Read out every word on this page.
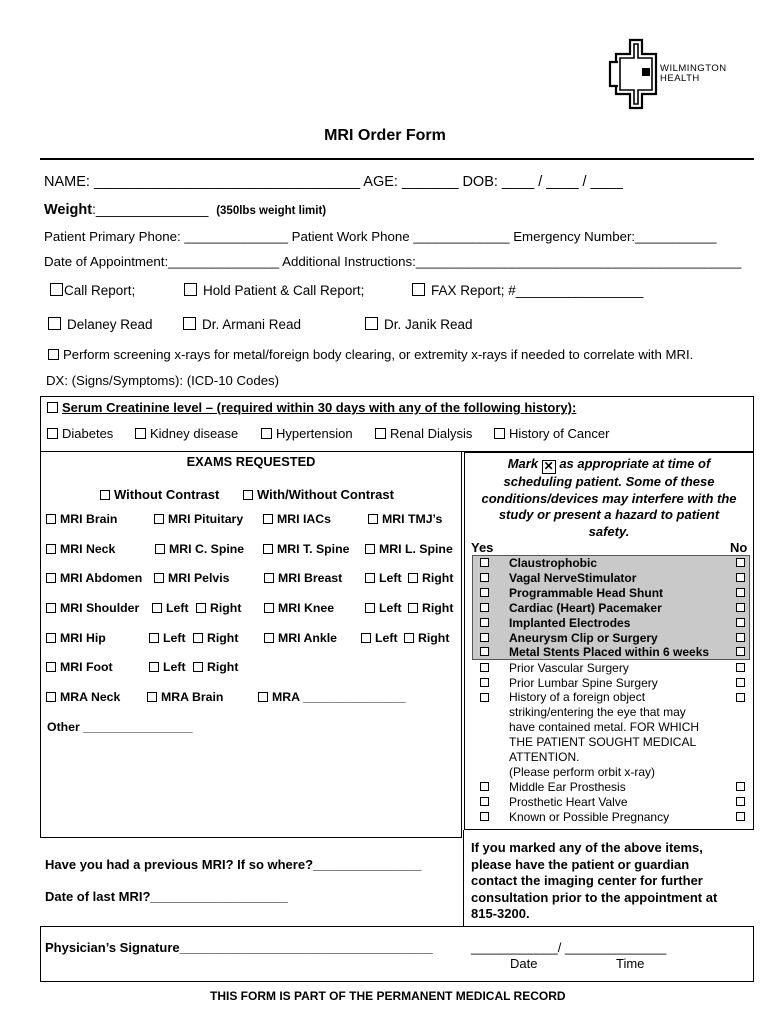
WILMINGTON
HEALTH
MRI Order Form
NAME: _________________________________ AGE: _______ DOB: ____ / ____ / ____
Weight:_______________ (350lbs weight limit)
Patient Primary Phone: ______________ Patient Work Phone _____________ Emergency Number:___________
Date of Appointment:_______________ Additional Instructions:____________________________________________
Call Report;	Hold Patient & Call Report;	FAX Report; #_________________
Delaney Read	Dr. Armani Read	Dr. Janik Read
Perform screening x-rays for metal/foreign body clearing, or extremity x-rays if needed to correlate with MRI.
DX: (Signs/Symptoms): (ICD-10 Codes)
Serum Creatinine level – (required within 30 days with any of the following history):
Diabetes	Kidney disease	Hypertension	Renal Dialysis	History of Cancer
EXAMS REQUESTED
Without Contrast	With/Without Contrast
MRI Brain	MRI Pituitary	MRI IACs	MRI TMJ’s
MRI Neck	MRI C. Spine	MRI T. Spine	MRI L. Spine
MRI Abdomen	MRI Pelvis	MRI Breast	Left	Right
MRI Shoulder	Left	Right	MRI Knee	Left	Right
MRI Hip	Left	Right	MRI Ankle	Left	Right
MRI Foot	Left	Right
MRA Neck	MRA Brain	MRA _______________
Other ________________
Mark ✕ as appropriate at time of
scheduling patient. Some of these
conditions/devices may interfere with the
study or present a hazard to patient
safety.
Yes	No
Claustrophobic
Vagal NerveStimulator
Programmable Head Shunt
Cardiac (Heart) Pacemaker
Implanted Electrodes
Aneurysm Clip or Surgery
Metal Stents Placed within 6 weeks
Prior Vascular Surgery
Prior Lumbar Spine Surgery
History of a foreign object
striking/entering the eye that may
have contained metal. FOR WHICH
THE PATIENT SOUGHT MEDICAL
ATTENTION.
(Please perform orbit x-ray)
Middle Ear Prosthesis
Prosthetic Heart Valve
Known or Possible Pregnancy
If you marked any of the above items,
please have the patient or guardian
contact the imaging center for further
consultation prior to the appointment at
815-3200.
Have you had a previous MRI? If so where?_______________
Date of last MRI?___________________
Physician’s Signature___________________________________	____________/ ______________
Date	Time
THIS FORM IS PART OF THE PERMANENT MEDICAL RECORD
